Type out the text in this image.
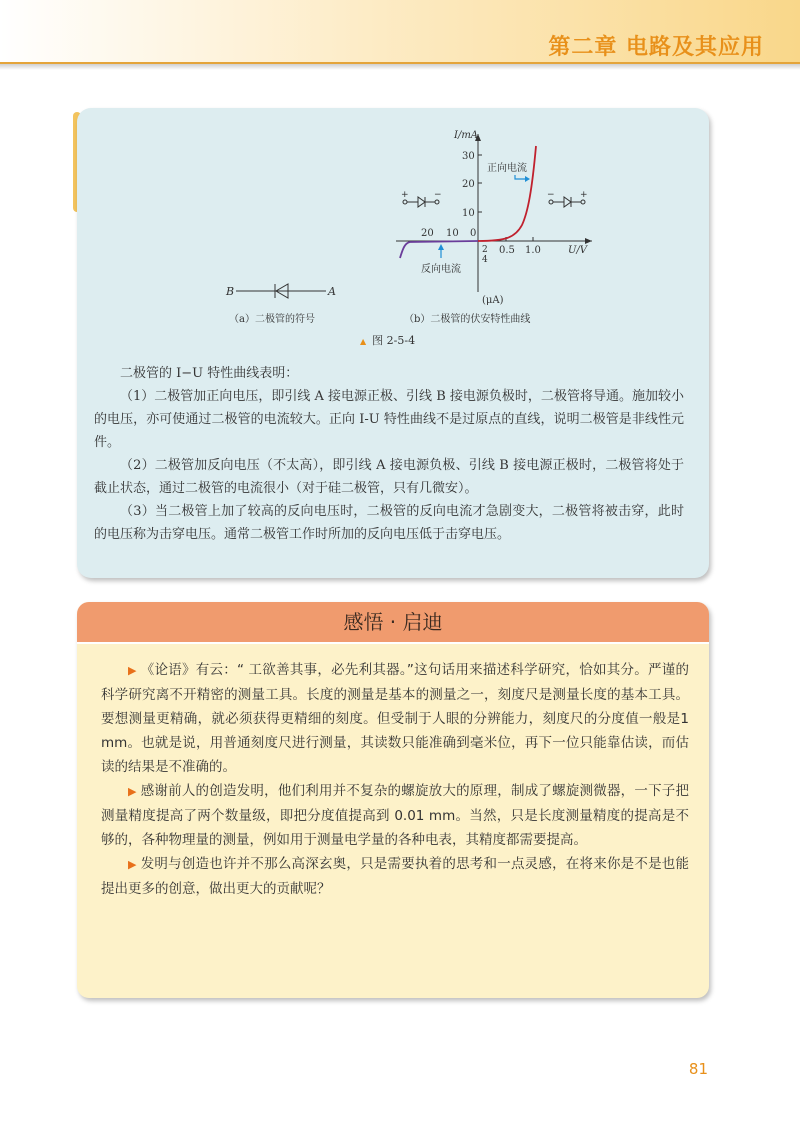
第二章 电路及其应用
B	A
30
20
10
0.5 1.0
20 10 0
2
4
I/mA
U/V
(μA)
正向电流
反向电流
+	−	−	+
（a）二极管的符号	（b）二极管的伏安特性曲线
▲ 图 2-5-4

二极管的 I−U 特性曲线表明：

（1）二极管加正向电压，即引线 A 接电源正极、引线 B 接电源负极时，二极管将导通。施加较小的电压，亦可使通过二极管的电流较大。正向 I-U 特性曲线不是过原点的直线，说明二极管是非线性元件。

（2）二极管加反向电压（不太高），即引线 A 接电源负极、引线 B 接电源正极时，二极管将处于截止状态，通过二极管的电流很小（对于硅二极管，只有几微安）。

（3）当二极管上加了较高的反向电压时，二极管的反向电流才急剧变大，二极管将被击穿，此时的电压称为击穿电压。通常二极管工作时所加的反向电压低于击穿电压。

感悟 · 启迪

▶ 《论语》有云：“ 工欲善其事，必先利其器。”这句话用来描述科学研究，恰如其分。严谨的科学研究离不开精密的测量工具。长度的测量是基本的测量之一，刻度尺是测量长度的基本工具。要想测量更精确，就必须获得更精细的刻度。但受制于人眼的分辨能力，刻度尺的分度值一般是1 mm。也就是说，用普通刻度尺进行测量，其读数只能准确到毫米位，再下一位只能靠估读，而估读的结果是不准确的。

▶ 感谢前人的创造发明，他们利用并不复杂的螺旋放大的原理，制成了螺旋测微器，一下子把测量精度提高了两个数量级，即把分度值提高到 0.01 mm。当然，只是长度测量精度的提高是不够的，各种物理量的测量，例如用于测量电学量的各种电表，其精度都需要提高。

▶ 发明与创造也许并不那么高深玄奥，只是需要执着的思考和一点灵感，在将来你是不是也能提出更多的创意，做出更大的贡献呢？

81
